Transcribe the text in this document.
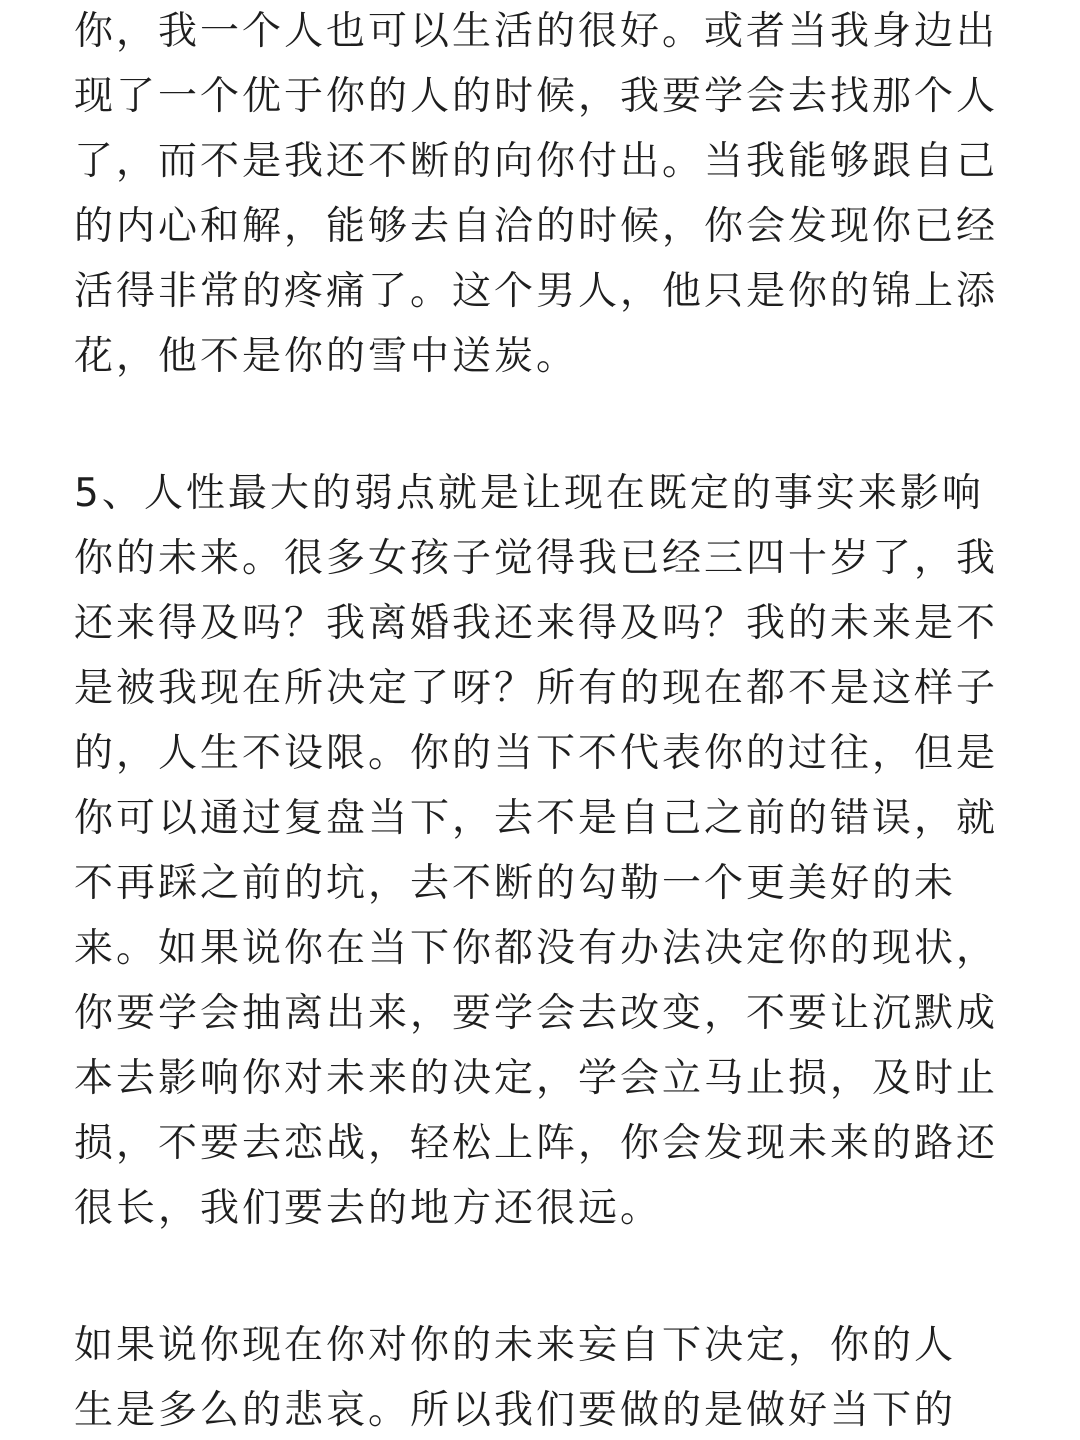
你，我一个人也可以生活的很好。或者当我身边出
现了一个优于你的人的时候，我要学会去找那个人
了，而不是我还不断的向你付出。当我能够跟自己
的内心和解，能够去自洽的时候，你会发现你已经
活得非常的疼痛了。这个男人，他只是你的锦上添
花，他不是你的雪中送炭。
5、人性最大的弱点就是让现在既定的事实来影响
你的未来。很多女孩子觉得我已经三四十岁了，我
还来得及吗？我离婚我还来得及吗？我的未来是不
是被我现在所决定了呀？所有的现在都不是这样子
的，人生不设限。你的当下不代表你的过往，但是
你可以通过复盘当下，去不是自己之前的错误，就
不再踩之前的坑，去不断的勾勒一个更美好的未
来。如果说你在当下你都没有办法决定你的现状，
你要学会抽离出来，要学会去改变，不要让沉默成
本去影响你对未来的决定，学会立马止损，及时止
损，不要去恋战，轻松上阵，你会发现未来的路还
很长，我们要去的地方还很远。
如果说你现在你对你的未来妄自下决定，你的人
生是多么的悲哀。所以我们要做的是做好当下的
